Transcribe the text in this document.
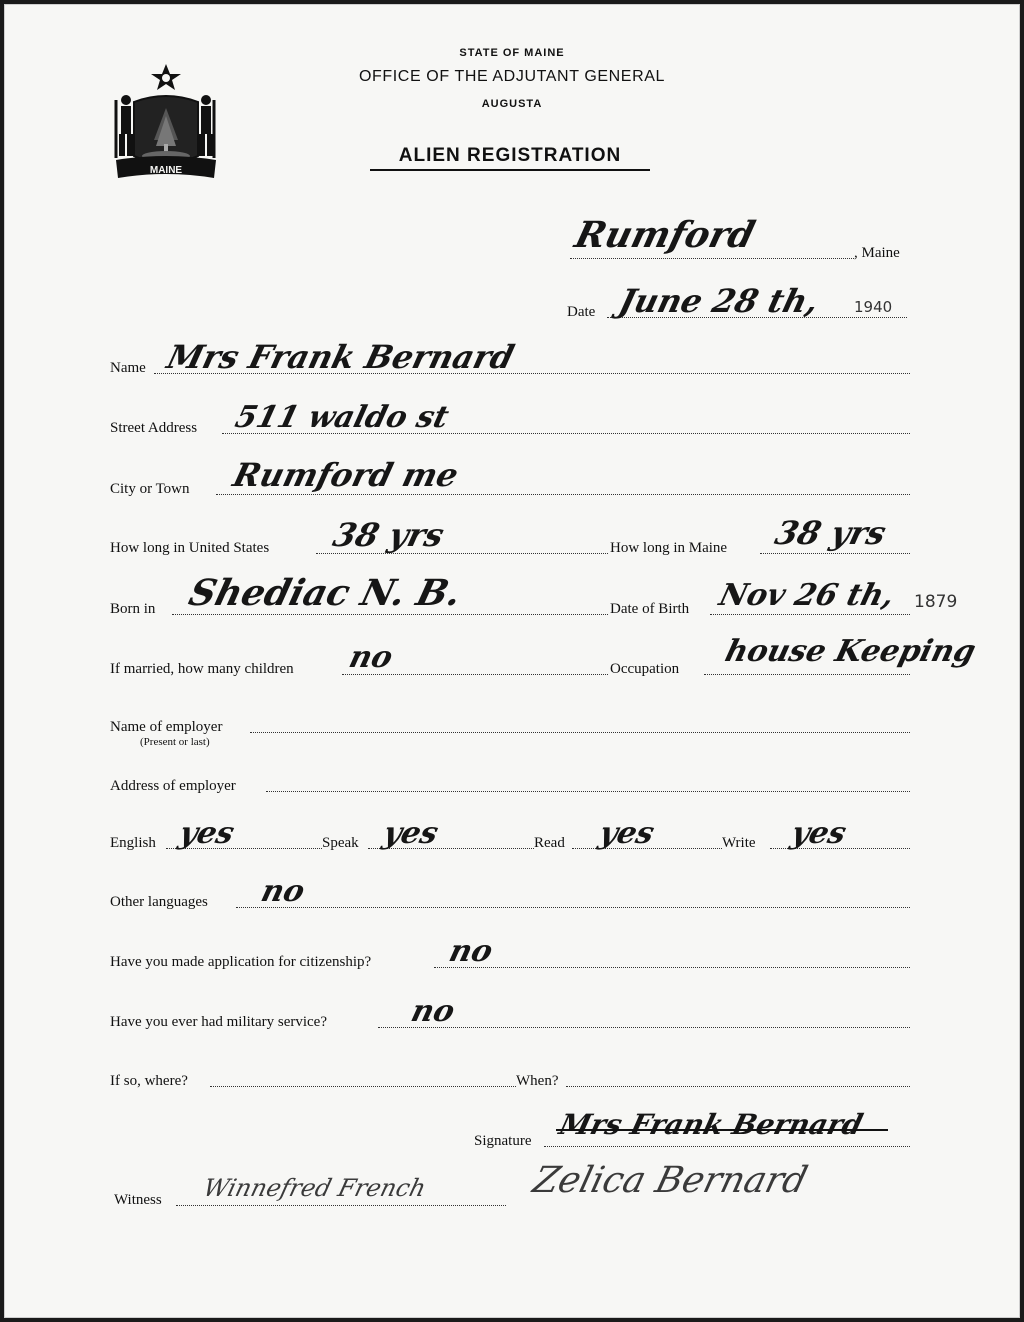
MAINE
STATE OF MAINE
OFFICE OF THE ADJUTANT GENERAL
AUGUSTA
ALIEN REGISTRATION
Rumford	, Maine
Date June 28 th, 1940
Name Mrs Frank Bernard
Street Address 511 waldo st
City or Town Rumford me
How long in United States 38 yrs	How long in Maine 38 yrs
Born in Shediac N. B.	Date of Birth Nov 26 th, 1879
If married, how many children no	Occupation house Keeping
Name of employer
(Present or last)
Address of employer
English yes	Speak yes	Read yes	Write yes
Other languages no
Have you made application for citizenship? no
Have you ever had military service?	no
If so, where?	When?
Signature Mrs Frank Bernard
Zelica Bernard
Witness Winnefred French
